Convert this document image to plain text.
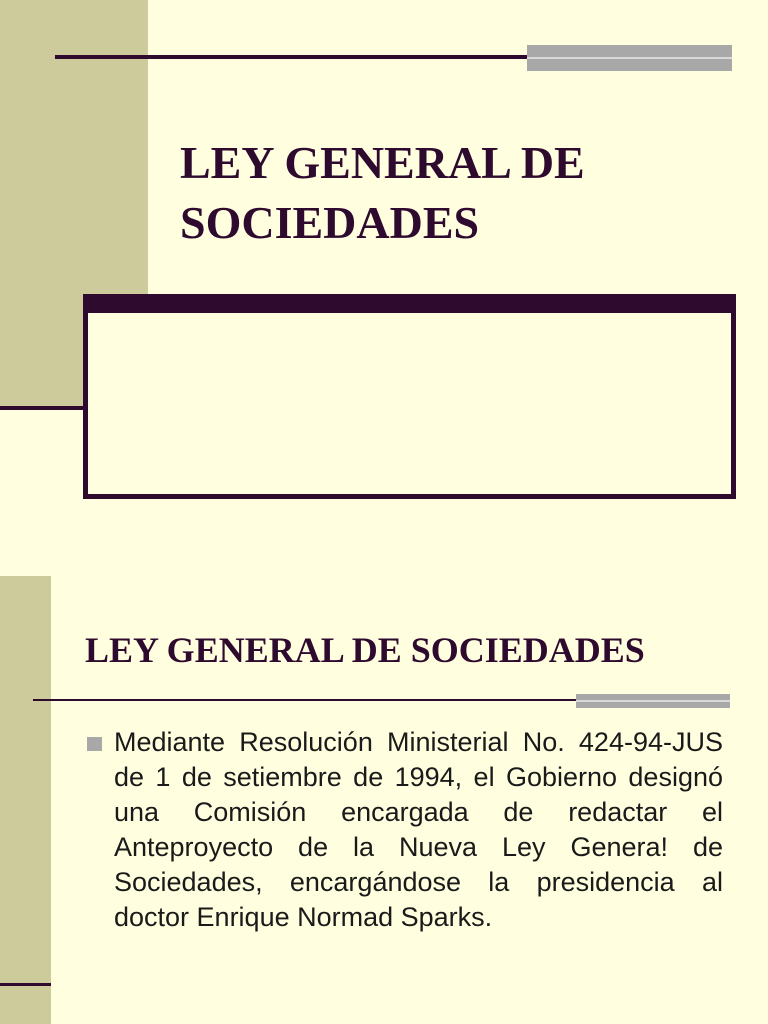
LEY GENERAL DE SOCIEDADES
LEY GENERAL DE SOCIEDADES

Mediante Resolución Ministerial No. 424-94-JUS de 1 de setiembre de 1994, el Gobierno designó una Comisión encargada de redactar el Anteproyecto de la Nueva Ley Genera! de Sociedades, encargándose la presidencia al doctor Enrique Normad Sparks.
